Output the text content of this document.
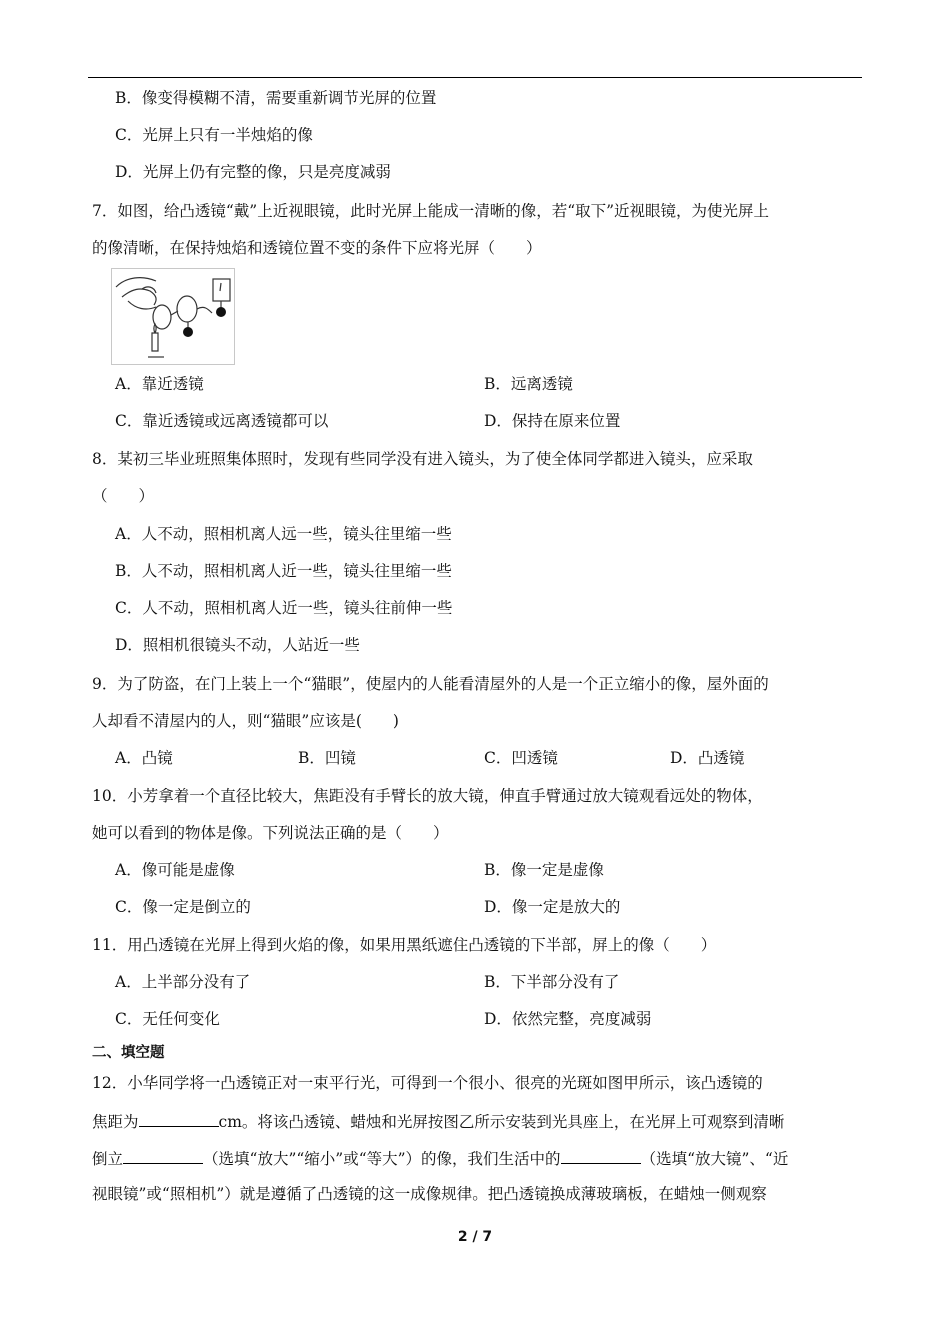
B．像变得模糊不清，需要重新调节光屏的位置
C．光屏上只有一半烛焰的像
D．光屏上仍有完整的像，只是亮度减弱
7．如图，给凸透镜“戴”上近视眼镜，此时光屏上能成一清晰的像，若“取下”近视眼镜，为使光屏上
的像清晰，在保持烛焰和透镜位置不变的条件下应将光屏（　　）
A．靠近透镜	B．远离透镜
C．靠近透镜或远离透镜都可以	D．保持在原来位置
8．某初三毕业班照集体照时，发现有些同学没有进入镜头，为了使全体同学都进入镜头，应采取
（　　）
A．人不动，照相机离人远一些，镜头往里缩一些
B．人不动，照相机离人近一些，镜头往里缩一些
C．人不动，照相机离人近一些，镜头往前伸一些
D．照相机很镜头不动，人站近一些
9．为了防盗，在门上装上一个“猫眼”，使屋内的人能看清屋外的人是一个正立缩小的像，屋外面的
人却看不清屋内的人，则“猫眼”应该是(　　)
A．凸镜	B．凹镜	C．凹透镜	D．凸透镜
10．小芳拿着一个直径比较大，焦距没有手臂长的放大镜，伸直手臂通过放大镜观看远处的物体，
她可以看到的物体是像。下列说法正确的是（　　）
A．像可能是虚像	B．像一定是虚像
C．像一定是倒立的	D．像一定是放大的
11．用凸透镜在光屏上得到火焰的像，如果用黑纸遮住凸透镜的下半部，屏上的像（　　）
A．上半部分没有了	B．下半部分没有了
C．无任何变化	D．依然完整，亮度减弱
二、填空题
12．小华同学将一凸透镜正对一束平行光，可得到一个很小、很亮的光斑如图甲所示，该凸透镜的
焦距为	cm。将该凸透镜、蜡烛和光屏按图乙所示安装到光具座上，在光屏上可观察到清晰
倒立	（选填“放大”“缩小”或“等大”）的像，我们生活中的	（选填“放大镜”、“近
视眼镜”或“照相机”）就是遵循了凸透镜的这一成像规律。把凸透镜换成薄玻璃板，在蜡烛一侧观察
2 / 7
